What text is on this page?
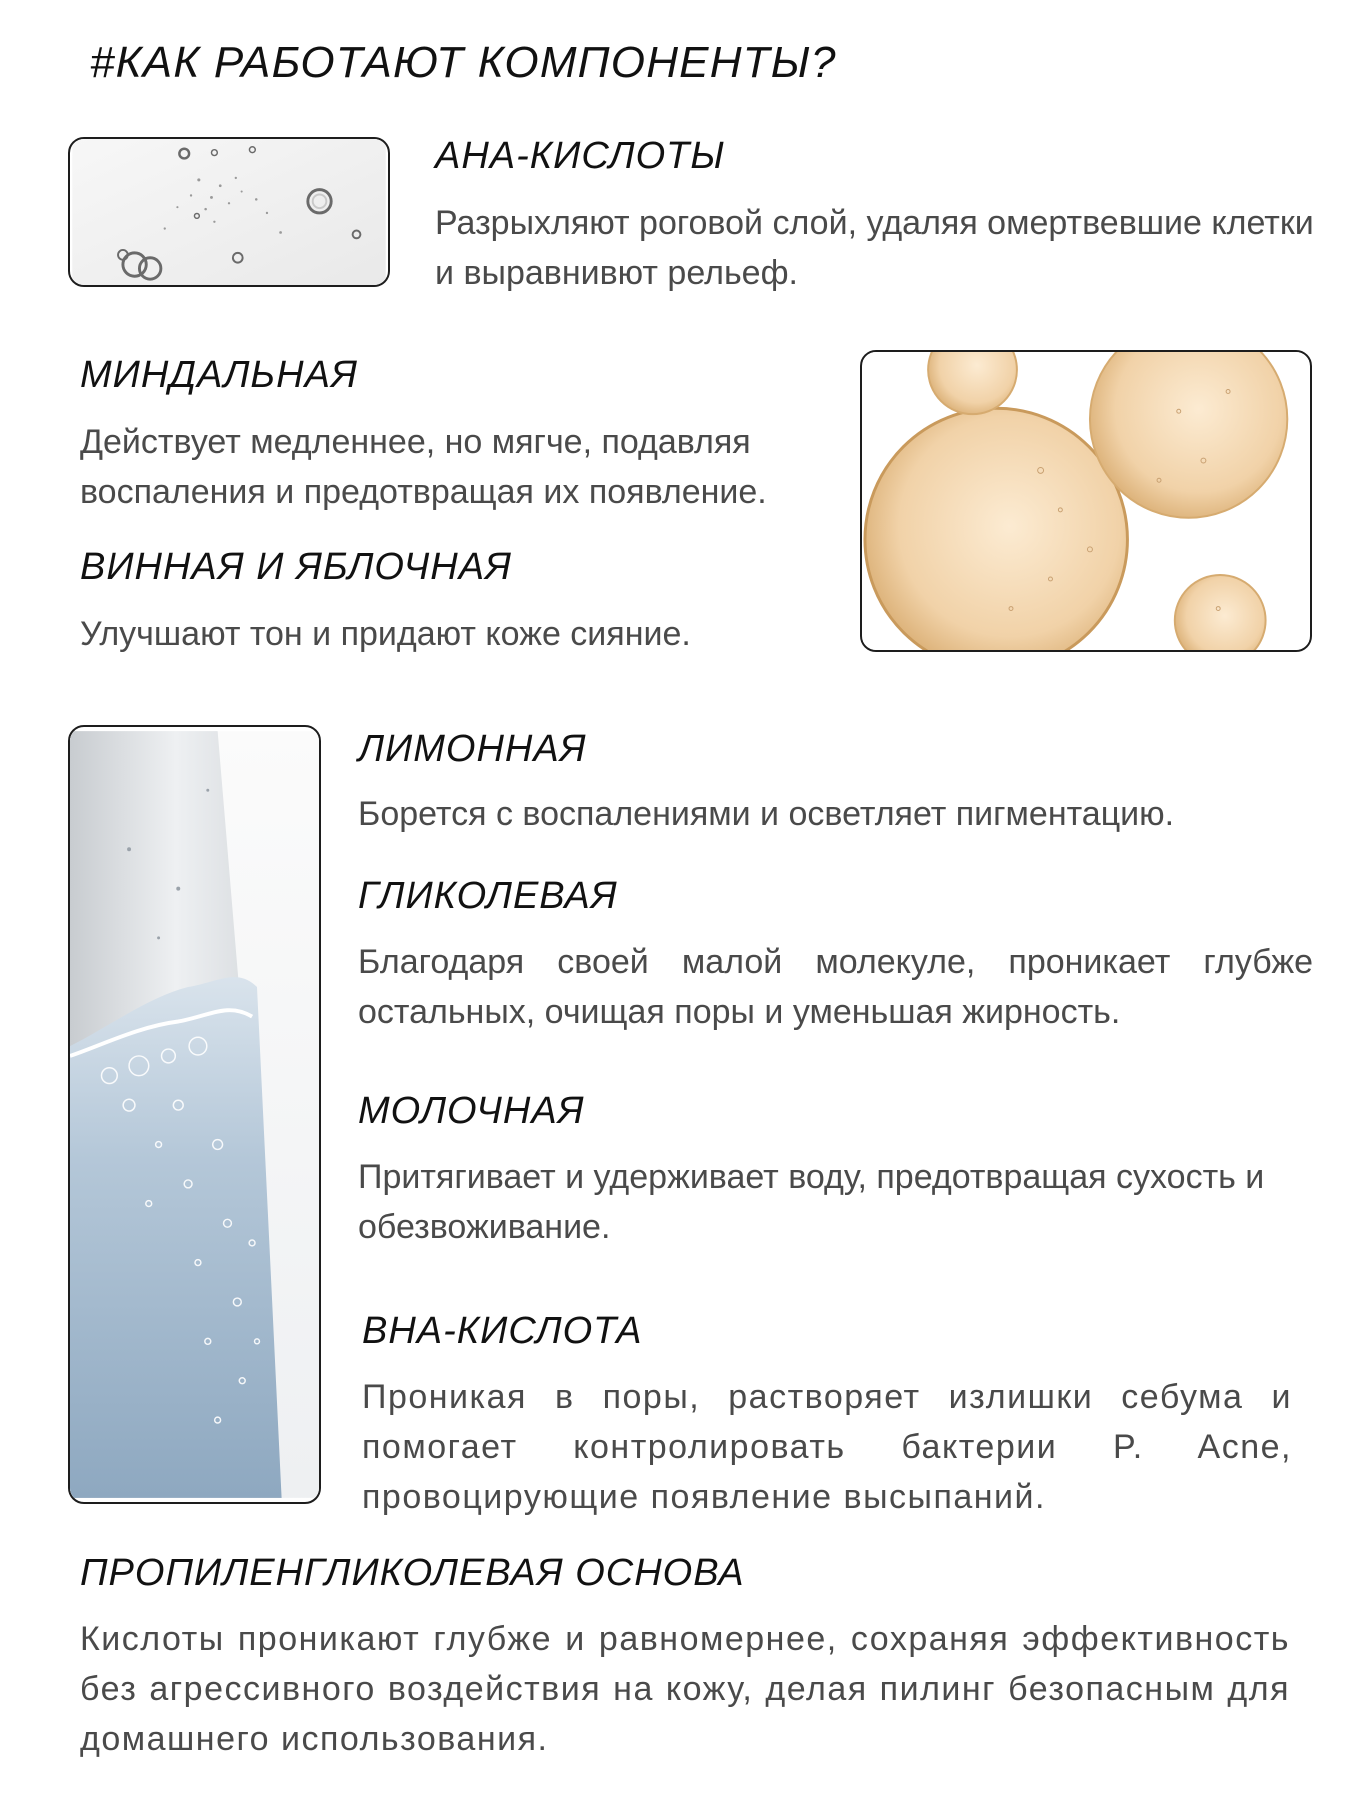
#КАК РАБОТАЮТ КОМПОНЕНТЫ?
АНА-КИСЛОТЫ
Разрыхляют роговой слой, удаляя омертвевшие клетки и выравнивют рельеф.
МИНДАЛЬНАЯ
Действует медленнее, но мягче, подавляя воспаления и предотвращая их появление.
ВИННАЯ И ЯБЛОЧНАЯ
Улучшают тон и придают коже сияние.
ЛИМОННАЯ
Борется с воспалениями и осветляет пигментацию.
ГЛИКОЛЕВАЯ
Благодаря своей малой молекуле, проникает глубже остальных, очищая поры и уменьшая жирность.
МОЛОЧНАЯ
Притягивает и удерживает воду, предотвращая сухость и обезвоживание.
ВНА-КИСЛОТА
Проникая в поры, растворяет излишки себума и помогает контролировать бактерии P. Acne, провоцирующие появление высыпаний.
ПРОПИЛЕНГЛИКОЛЕВАЯ ОСНОВА
Кислоты проникают глубже и равномернее, сохраняя эффективность без агрессивного воздействия на кожу, делая пилинг безопасным для домашнего использования.
